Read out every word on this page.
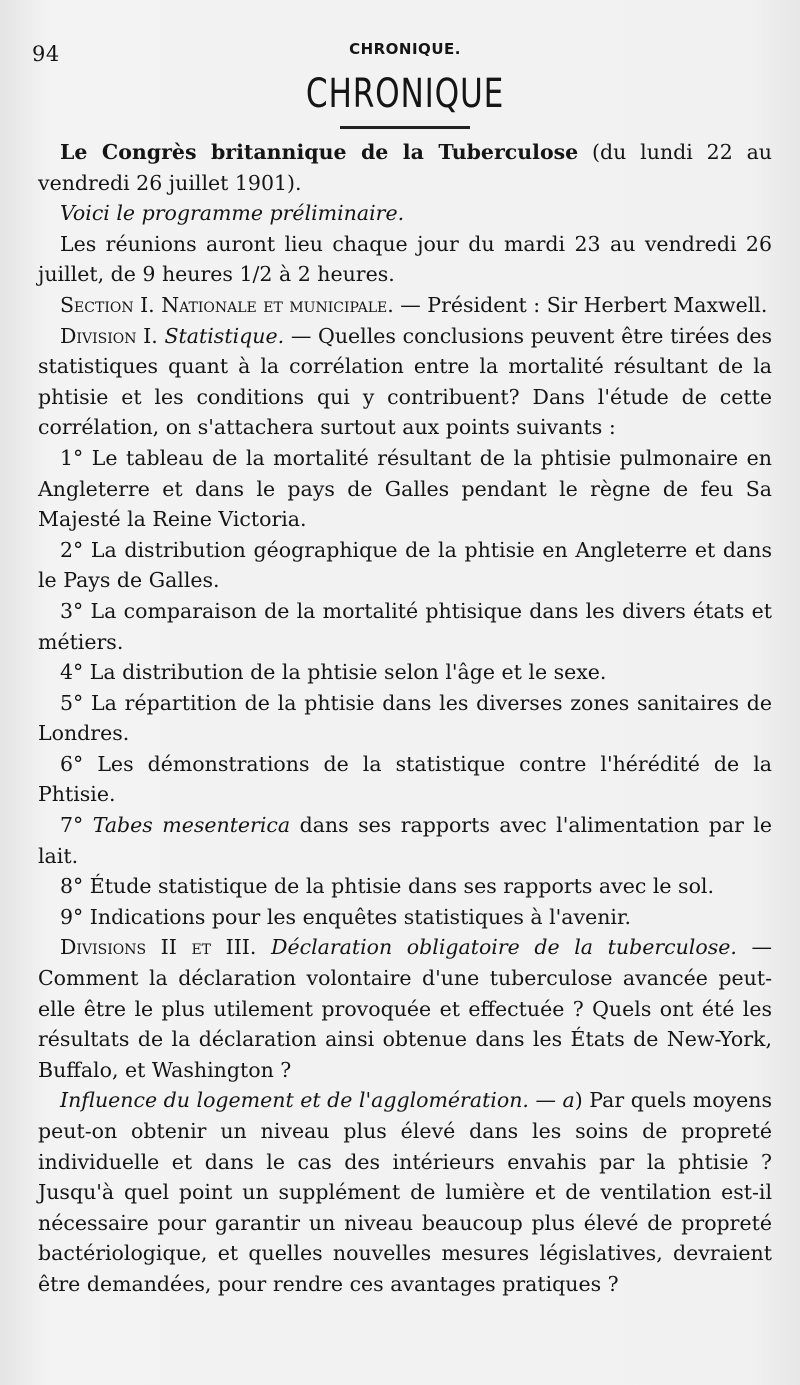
94	CHRONIQUE.
CHRONIQUE

Le Congrès britannique de la Tuberculose (du lundi 22 au vendredi 26 juillet 1901).

Voici le programme préliminaire.

Les réunions auront lieu chaque jour du mardi 23 au vendredi 26 juillet, de 9 heures 1/2 à 2 heures.

Section I. Nationale et municipale. — Président : Sir Herbert Maxwell.

Division I. Statistique. — Quelles conclusions peuvent être tirées des statistiques quant à la corrélation entre la mortalité résultant de la phtisie et les conditions qui y contribuent? Dans l'étude de cette corrélation, on s'attachera surtout aux points suivants :

1° Le tableau de la mortalité résultant de la phtisie pulmonaire en Angleterre et dans le pays de Galles pendant le règne de feu Sa Majesté la Reine Victoria.

2° La distribution géographique de la phtisie en Angleterre et dans le Pays de Galles.

3° La comparaison de la mortalité phtisique dans les divers états et métiers.

4° La distribution de la phtisie selon l'âge et le sexe.

5° La répartition de la phtisie dans les diverses zones sanitaires de Londres.

6° Les démonstrations de la statistique contre l'hérédité de la Phtisie.

7° Tabes mesenterica dans ses rapports avec l'alimentation par le lait.

8° Étude statistique de la phtisie dans ses rapports avec le sol.

9° Indications pour les enquêtes statistiques à l'avenir.

Divisions II et III. Déclaration obligatoire de la tuberculose. — Comment la déclaration volontaire d'une tuberculose avancée peut-elle être le plus utilement provoquée et effectuée ? Quels ont été les résultats de la déclaration ainsi obtenue dans les États de New-York, Buffalo, et Washington ?

Influence du logement et de l'agglomération. — a) Par quels moyens peut-on obtenir un niveau plus élevé dans les soins de propreté individuelle et dans le cas des intérieurs envahis par la phtisie ? Jusqu'à quel point un supplément de lumière et de ventilation est-il nécessaire pour garantir un niveau beaucoup plus élevé de propreté bactériologique, et quelles nouvelles mesures législatives, devraient être demandées, pour rendre ces avantages pratiques ?
